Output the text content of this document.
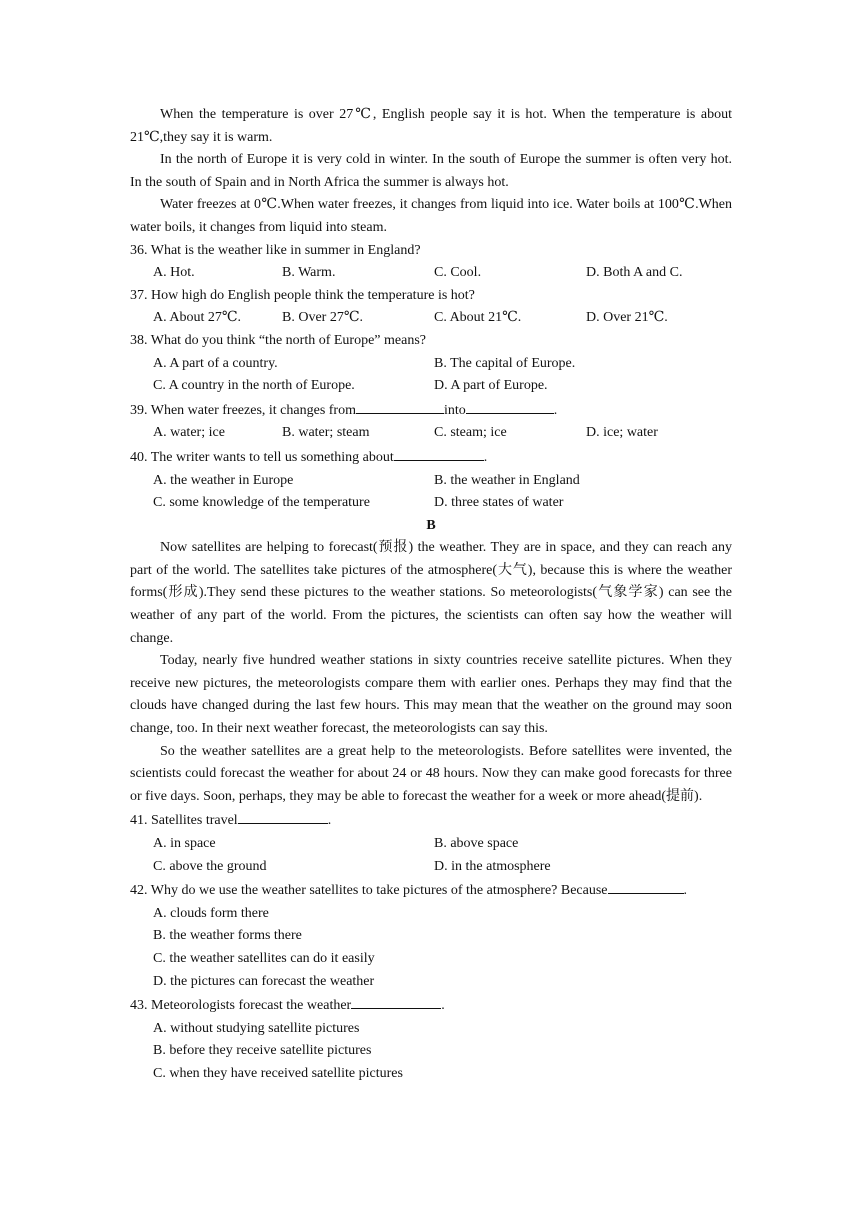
When the temperature is over 27℃, English people say it is hot. When the temperature is about 21℃,they say it is warm.

In the north of Europe it is very cold in winter. In the south of Europe the summer is often very hot. In the south of Spain and in North Africa the summer is always hot.

Water freezes at 0℃.When water freezes, it changes from liquid into ice. Water boils at 100℃.When water boils, it changes from liquid into steam.

36. What is the weather like in summer in England?

A. Hot.	B. Warm.	C. Cool.	D. Both A and C.

37. How high do English people think the temperature is hot?

A. About 27℃.	B. Over 27℃.	C. About 21℃.	D. Over 21℃.

38. What do you think “the north of Europe” means?

A. A part of a country.	B. The capital of Europe.
C. A country in the north of Europe.	D. A part of Europe.

39. When water freezes, it changes from	into	.

A. water; ice	B. water; steam	C. steam; ice	D. ice; water

40. The writer wants to tell us something about	.

A. the weather in Europe	B. the weather in England
C. some knowledge of the temperature	D. three states of water

B

Now satellites are helping to forecast(预报) the weather. They are in space, and they can reach any part of the world. The satellites take pictures of the atmosphere(大气), because this is where the weather forms(形成).They send these pictures to the weather stations. So meteorologists(气象学家) can see the weather of any part of the world. From the pictures, the scientists can often say how the weather will change.

Today, nearly five hundred weather stations in sixty countries receive satellite pictures. When they receive new pictures, the meteorologists compare them with earlier ones. Perhaps they may find that the clouds have changed during the last few hours. This may mean that the weather on the ground may soon change, too. In their next weather forecast, the meteorologists can say this.

So the weather satellites are a great help to the meteorologists. Before satellites were invented, the scientists could forecast the weather for about 24 or 48 hours. Now they can make good forecasts for three or five days. Soon, perhaps, they may be able to forecast the weather for a week or more ahead(提前).

41. Satellites travel	.

A. in space	B. above space
C. above the ground	D. in the atmosphere

42. Why do we use the weather satellites to take pictures of the atmosphere? Because	.

A. clouds form there

B. the weather forms there

C. the weather satellites can do it easily

D. the pictures can forecast the weather

43. Meteorologists forecast the weather	.

A. without studying satellite pictures

B. before they receive satellite pictures

C. when they have received satellite pictures
